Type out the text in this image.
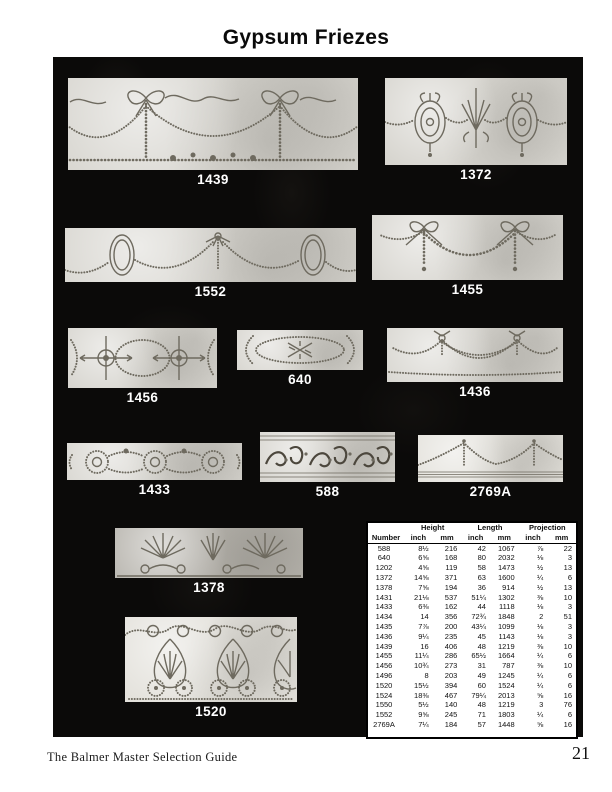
Gypsum Friezes
1439	1372
1552	1455
1456
640
1436
1433	588	2769A
1378
Number	Height		Length		Projection	
	inch	mm	inch	mm	inch	mm
588	8½	216	42	1067	⅞	22
640	6⅝	168	80	2032	⅛	3
1202	4⅝	119	58	1473	½	13
1372	14⅝	371	63	1600	¼	6
1378	7⅝	194	36	914	½	13
1431	21⅛	537	51¼	1302	⅜	10
1433	6⅜	162	44	1118	⅛	3
1434	14	356	72¾	1848	2	51
1435	7⅞	200	43¼	1099	⅛	3
1436	9¼	235	45	1143	⅛	3
1439	16	406	48	1219	⅜	10
1455	11¼	286	65½	1664	¼	6
1456	10¾	273	31	787	⅜	10
1496	8	203	49	1245	¼	6
1520	15½	394	60	1524	¼	6
1524	18⅜	467	79¼	2013	⅝	16
1550	5½	140	48	1219	3	76
1552	9⅝	245	71	1803	¼	6
2769A	7¼	184	57	1448	⅝	16
1520
The Balmer Master Selection Guide	21
